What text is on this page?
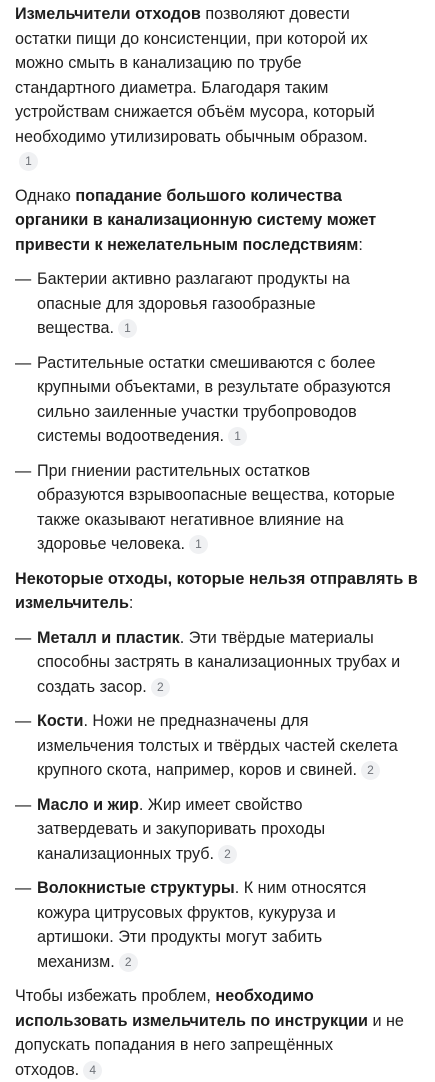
Измельчители отходов позволяют довести
остатки пищи до консистенции, при которой их
можно смыть в канализацию по трубе
стандартного диаметра. Благодаря таким
устройствам снижается объём мусора, который
необходимо утилизировать обычным образом.
1

Однако попадание большого количества
органики в канализационную систему может
привести к нежелательным последствиям:

— Бактерии активно разлагают продукты на
опасные для здоровья газообразные
вещества. 1
— Растительные остатки смешиваются с более
крупными объектами, в результате образуются
сильно заиленные участки трубопроводов
системы водоотведения. 1
— При гниении растительных остатков
образуются взрывоопасные вещества, которые
также оказывают негативное влияние на
здоровье человека. 1

Некоторые отходы, которые нельзя отправлять в
измельчитель:

— Металл и пластик. Эти твёрдые материалы
способны застрять в канализационных трубах и
создать засор. 2
— Кости. Ножи не предназначены для
измельчения толстых и твёрдых частей скелета
крупного скота, например, коров и свиней. 2
— Масло и жир. Жир имеет свойство
затвердевать и закупоривать проходы
канализационных труб. 2
— Волокнистые структуры. К ним относятся
кожура цитрусовых фруктов, кукуруза и
артишоки. Эти продукты могут забить
механизм. 2

Чтобы избежать проблем, необходимо
использовать измельчитель по инструкции и не
допускать попадания в него запрещённых
отходов. 4
